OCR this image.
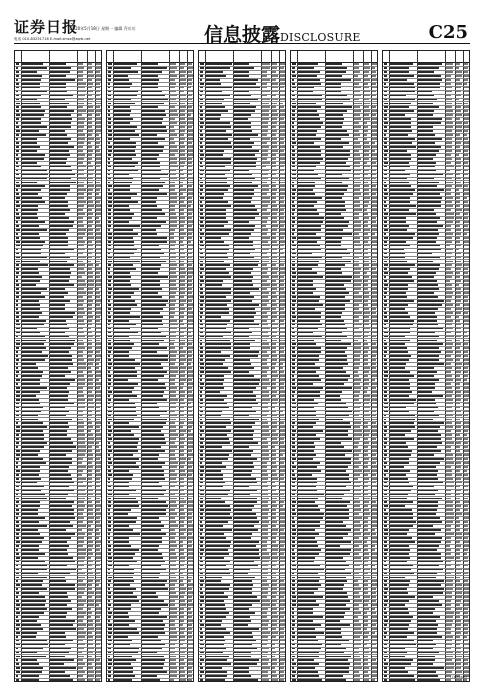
证券日报
2020年5月18日 星期一 编辑 乔川川
电话 010-83251716 E-mail:zmzx@zqrb.net	信息披露DISCLOSURE	C25
(下转C26版)
